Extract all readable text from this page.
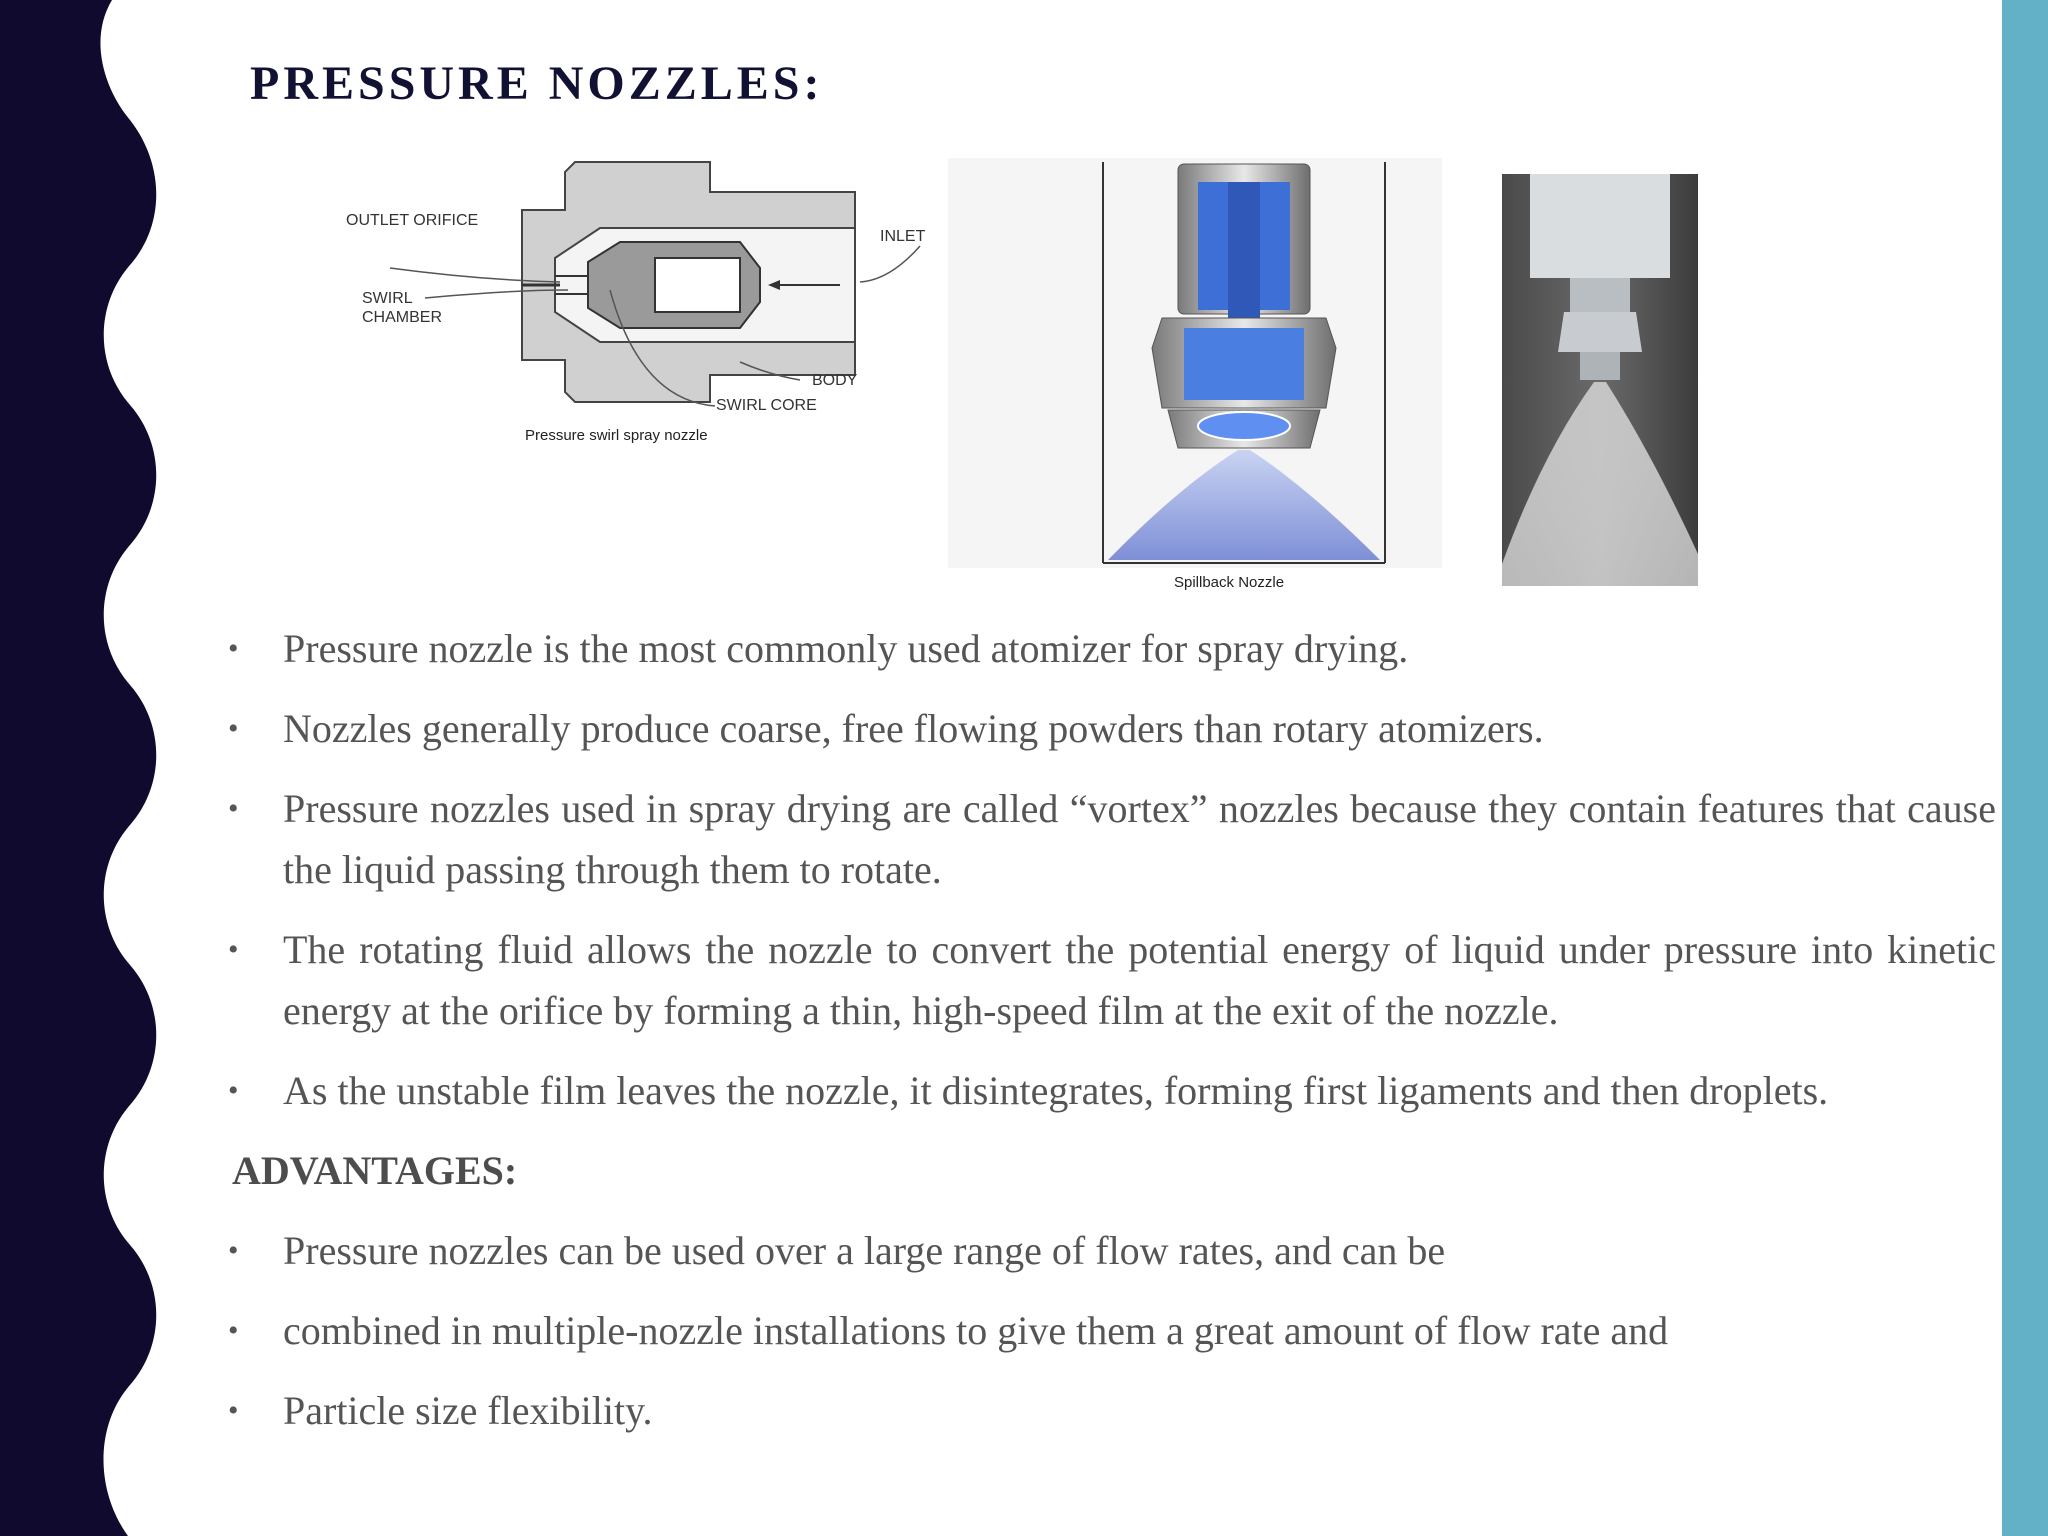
PRESSURE NOZZLES:
OUTLET ORIFICE
INLET
SWIRL
CHAMBER
BODY
SWIRL CORE
Pressure swirl spray nozzle
Spillback Nozzle
• Pressure nozzle is the most commonly used atomizer for spray drying.
• Nozzles generally produce coarse, free flowing powders than rotary atomizers.
• Pressure nozzles used in spray drying are called “vortex” nozzles because they contain features that cause the liquid passing through them to rotate.
• The rotating fluid allows the nozzle to convert the potential energy of liquid under pressure into kinetic energy at the orifice by forming a thin, high-speed film at the exit of the nozzle.
• As the unstable film leaves the nozzle, it disintegrates, forming first ligaments and then droplets.
ADVANTAGES:
• Pressure nozzles can be used over a large range of flow rates, and can be
• combined in multiple-nozzle installations to give them a great amount of flow rate and
• Particle size flexibility.
